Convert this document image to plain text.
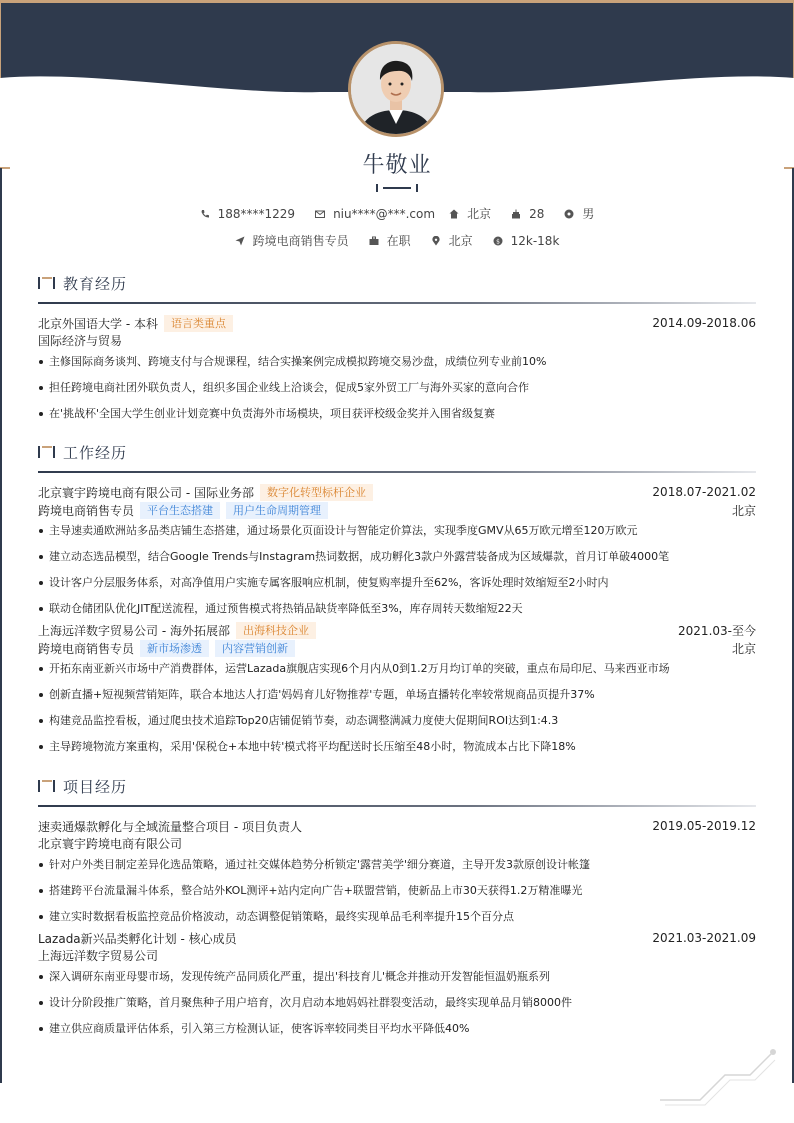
牛敬业
188****1229	niu****@***.com	北京	28	男
跨境电商销售专员	在职	北京	$ 12k-18k
教育经历
北京外国语大学 - 本科	语言类重点	2014.09-2018.06
国际经济与贸易
主修国际商务谈判、跨境支付与合规课程，结合实操案例完成模拟跨境交易沙盘，成绩位列专业前10%
担任跨境电商社团外联负责人，组织多国企业线上洽谈会，促成5家外贸工厂与海外买家的意向合作
在'挑战杯'全国大学生创业计划竞赛中负责海外市场模块，项目获评校级金奖并入围省级复赛
工作经历
北京寰宇跨境电商有限公司 - 国际业务部	数字化转型标杆企业	2018.07-2021.02
跨境电商销售专员	平台生态搭建	用户生命周期管理	北京
主导速卖通欧洲站多品类店铺生态搭建，通过场景化页面设计与智能定价算法，实现季度GMV从65万欧元增至120万欧元
建立动态选品模型，结合Google Trends与Instagram热词数据，成功孵化3款户外露营装备成为区域爆款，首月订单破4000笔
设计客户分层服务体系，对高净值用户实施专属客服响应机制，使复购率提升至62%，客诉处理时效缩短至2小时内
联动仓储团队优化JIT配送流程，通过预售模式将热销品缺货率降低至3%，库存周转天数缩短22天
上海远洋数字贸易公司 - 海外拓展部	出海科技企业	2021.03-至今
跨境电商销售专员	新市场渗透	内容营销创新	北京
开拓东南亚新兴市场中产消费群体，运营Lazada旗舰店实现6个月内从0到1.2万月均订单的突破，重点布局印尼、马来西亚市场
创新直播+短视频营销矩阵，联合本地达人打造'妈妈育儿好物推荐'专题，单场直播转化率较常规商品页提升37%
构建竞品监控看板，通过爬虫技术追踪Top20店铺促销节奏，动态调整满减力度使大促期间ROI达到1:4.3
主导跨境物流方案重构，采用'保税仓+本地中转'模式将平均配送时长压缩至48小时，物流成本占比下降18%
项目经历
速卖通爆款孵化与全域流量整合项目 - 项目负责人	2019.05-2019.12
北京寰宇跨境电商有限公司
针对户外类目制定差异化选品策略，通过社交媒体趋势分析锁定'露营美学'细分赛道，主导开发3款原创设计帐篷
搭建跨平台流量漏斗体系，整合站外KOL测评+站内定向广告+联盟营销，使新品上市30天获得1.2万精准曝光
建立实时数据看板监控竞品价格波动，动态调整促销策略，最终实现单品毛利率提升15个百分点
Lazada新兴品类孵化计划 - 核心成员	2021.03-2021.09
上海远洋数字贸易公司
深入调研东南亚母婴市场，发现传统产品同质化严重，提出'科技育儿'概念并推动开发智能恒温奶瓶系列
设计分阶段推广策略，首月聚焦种子用户培育，次月启动本地妈妈社群裂变活动，最终实现单品月销8000件
建立供应商质量评估体系，引入第三方检测认证，使客诉率较同类目平均水平降低40%
